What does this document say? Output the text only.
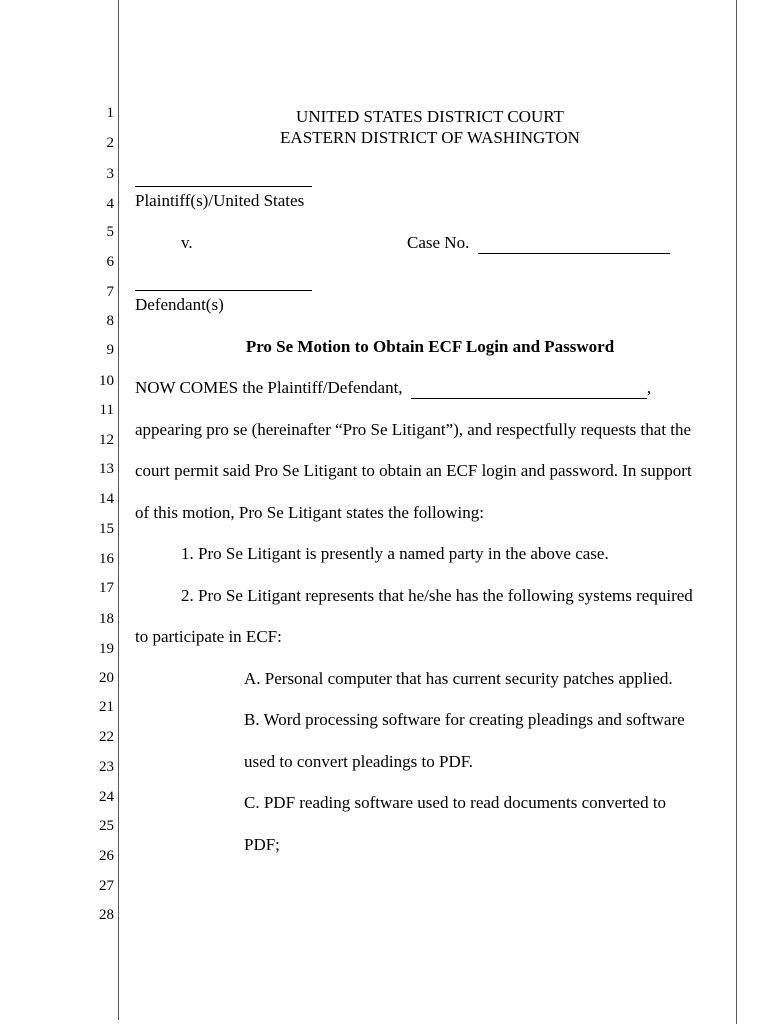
1
2
3
4
5
6
7
8
9
10
11
12
13
14
15
16
17
18
19
20
21
22
23
24
25
26
27
28
UNITED STATES DISTRICT COURT
EASTERN DISTRICT OF WASHINGTON
Plaintiff(s)/United States
v.	Case No.
Defendant(s)
Pro Se Motion to Obtain ECF Login and Password
NOW COMES the Plaintiff/Defendant,	,
appearing pro se (hereinafter “Pro Se Litigant”), and respectfully requests that the
court permit said Pro Se Litigant to obtain an ECF login and password. In support
of this motion, Pro Se Litigant states the following:
1. Pro Se Litigant is presently a named party in the above case.
2. Pro Se Litigant represents that he/she has the following systems required
to participate in ECF:
A. Personal computer that has current security patches applied.
B. Word processing software for creating pleadings and software
used to convert pleadings to PDF.
C. PDF reading software used to read documents converted to
PDF;
